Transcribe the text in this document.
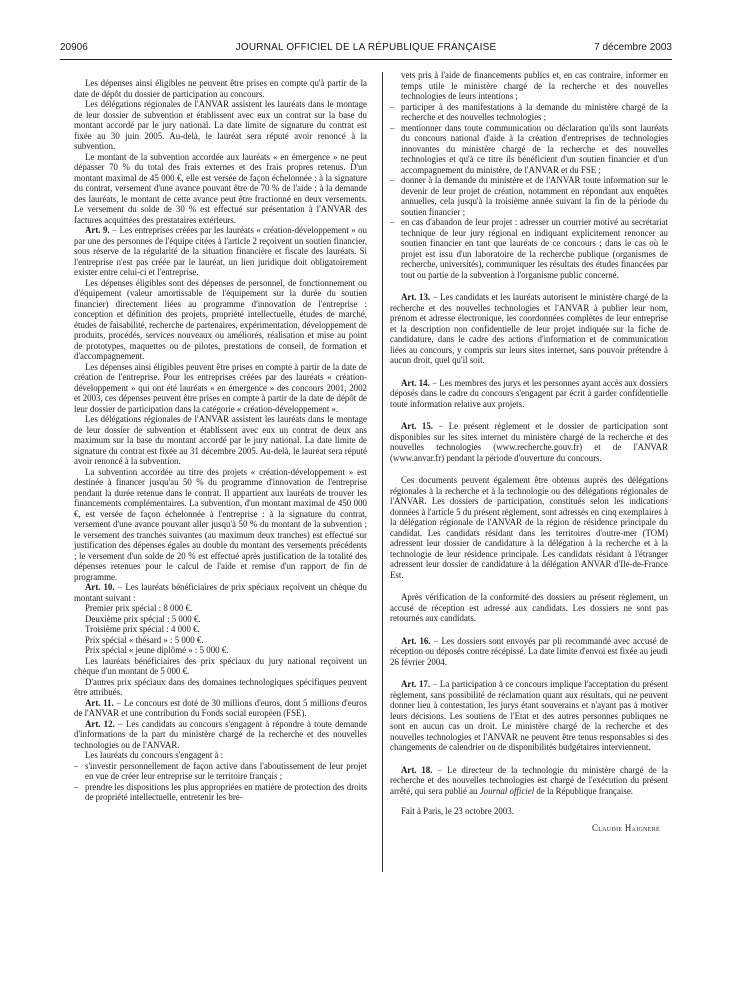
20906	JOURNAL OFFICIEL DE LA RÉPUBLIQUE FRANÇAISE	7 décembre 2003

Les dépenses ainsi éligibles ne peuvent être prises en compte qu'à partir de la date de dépôt du dossier de participation au concours.

Les délégations régionales de l'ANVAR assistent les lauréats dans le montage de leur dossier de subvention et établissent avec eux un contrat sur la base du montant accordé par le jury national. La date limite de signature du contrat est fixée au 30 juin 2005. Au-delà, le lauréat sera réputé avoir renoncé à la subvention.

Le montant de la subvention accordée aux lauréats « en émergence » ne peut dépasser 70 % du total des frais externes et des frais propres retenus. D'un montant maximal de 45 000 €, elle est versée de façon échelonnée : à la signature du contrat, versement d'une avance pouvant être de 70 % de l'aide ; à la demande des lauréats, le montant de cette avance peut être fractionné en deux versements. Le versement du solde de 30 % est effectué sur présentation à l'ANVAR des factures acquittées des prestataires extérieurs.

Art. 9. − Les entreprises créées par les lauréats « création-développement » ou par une des personnes de l'équipe citées à l'article 2 reçoivent un soutien financier, sous réserve de la régularité de la situation financière et fiscale des lauréats. Si l'entreprise n'est pas créée par le lauréat, un lien juridique doit obligatoirement exister entre celui-ci et l'entreprise.

Les dépenses éligibles sont des dépenses de personnel, de fonctionnement ou d'équipement (valeur amortissable de l'équipement sur la durée du soutien financier) directement liées au programme d'innovation de l'entreprise : conception et définition des projets, propriété intellectuelle, études de marché, études de faisabilité, recherche de partenaires, expérimentation, développement de produits, procédés, services nouveaux ou améliorés, réalisation et mise au point de prototypes, maquettes ou de pilotes, prestations de conseil, de formation et d'accompagnement.

Les dépenses ainsi éligibles peuvent être prises en compte à partir de la date de création de l'entreprise. Pour les entreprises créées par des lauréats « création-développement » qui ont été lauréats « en émergence » des concours 2001, 2002 et 2003, ces dépenses peuvent être prises en compte à partir de la date de dépôt de leur dossier de participation dans la catégorie « création-développement ».

Les délégations régionales de l'ANVAR assistent les lauréats dans le montage de leur dossier de subvention et établissent avec eux un contrat de deux ans maximum sur la base du montant accordé par le jury national. La date limite de signature du contrat est fixée au 31 décembre 2005. Au-delà, le lauréat sera réputé avoir renoncé à la subvention.

La subvention accordée au titre des projets « création-développement » est destinée à financer jusqu'au 50 % du programme d'innovation de l'entreprise pendant la durée retenue dans le contrat. Il appartient aux lauréats de trouver les financements complémentaires. La subvention, d'un montant maximal de 450 000 €, est versée de façon échelonnée à l'entreprise : à la signature du contrat, versement d'une avance pouvant aller jusqu'à 50 % du montant de la subvention ; le versement des tranches suivantes (au maximum deux tranches) est effectué sur justification des dépenses égales au double du montant des versements précédents ; le versement d'un solde de 20 % est effectué après justification de la totalité des dépenses retenues pour le calcul de l'aide et remise d'un rapport de fin de programme.

Art. 10. − Les lauréats bénéficiaires de prix spéciaux reçoivent un chèque du montant suivant :

Premier prix spécial : 8 000 €.

Deuxième prix spécial : 5 000 €.

Troisième prix spécial : 4 000 €.

Prix spécial « thésard » : 5 000 €.

Prix spécial « jeune diplômé » : 5 000 €.

Les lauréats bénéficiaires des prix spéciaux du jury national reçoivent un chèque d'un montant de 5 000 €.

D'autres prix spéciaux dans des domaines technologiques spécifiques peuvent être attribués.

Art. 11. − Le concours est doté de 30 millions d'euros, dont 5 millions d'euros de l'ANVAR et une contribution du Fonds social européen (FSE).

Art. 12. − Les candidats au concours s'engagent à répondre à toute demande d'informations de la part du ministère chargé de la recherche et des nouvelles technologies ou de l'ANVAR.

Les lauréats du concours s'engagent à :

– s'investir personnellement de façon active dans l'aboutissement de leur projet en vue de créer leur entreprise sur le territoire français ;
– prendre les dispositions les plus appropriées en matière de protection des droits de propriété intellectuelle, entretenir les bre-

vets pris à l'aide de financements publics et, en cas contraire, informer en temps utile le ministère chargé de la recherche et des nouvelles technologies de leurs intentions ;

– participer à des manifestations à la demande du ministère chargé de la recherche et des nouvelles technologies ;
– mentionner dans toute communication ou déclaration qu'ils sont lauréats du concours national d'aide à la création d'entreprises de technologies innovantes du ministère chargé de la recherche et des nouvelles technologies et qu'à ce titre ils bénéficient d'un soutien financier et d'un accompagnement du ministère, de l'ANVAR et du FSE ;
– donner à la demande du ministère et de l'ANVAR toute information sur le devenir de leur projet de création, notamment en répondant aux enquêtes annuelles, cela jusqu'à la troisième année suivant la fin de la période du soutien financier ;
– en cas d'abandon de leur projet : adresser un courrier motivé au secrétariat technique de leur jury régional en indiquant explicitement renoncer au soutien financier en tant que lauréats de ce concours ; dans le cas où le projet est issu d'un laboratoire de la recherche publique (organismes de recherche, universités), communiquer les résultats des études financées par tout ou partie de la subvention à l'organisme public concerné.

Art. 13. − Les candidats et les lauréats autorisent le ministère chargé de la recherche et des nouvelles technologies et l'ANVAR à publier leur nom, prénom et adresse électronique, les coordonnées complètes de leur entreprise et la description non confidentielle de leur projet indiquée sur la fiche de candidature, dans le cadre des actions d'information et de communication liées au concours, y compris sur leurs sites internet, sans pouvoir prétendre à aucun droit, quel qu'il soit.

Art. 14. − Les membres des jurys et les personnes ayant accès aux dossiers déposés dans le cadre du concours s'engagent par écrit à garder confidentielle toute information relative aux projets.

Art. 15. − Le présent règlement et le dossier de participation sont disponibles sur les sites internet du ministère chargé de la recherche et des nouvelles technologies (www.recherche.gouv.fr) et de l'ANVAR (www.anvar.fr) pendant la période d'ouverture du concours.

Ces documents peuvent également être obtenus auprès des délégations régionales à la recherche et à la technologie ou des délégations régionales de l'ANVAR. Les dossiers de participation, constitués selon les indications données à l'article 5 du présent règlement, sont adressés en cinq exemplaires à la délégation régionale de l'ANVAR de la région de résidence principale du candidat. Les candidats résidant dans les territoires d'outre-mer (TOM) adressent leur dossier de candidature à la délégation à la recherche et à la technologie de leur résidence principale. Les candidats résidant à l'étranger adressent leur dossier de candidature à la délégation ANVAR d'Ile-de-France Est.

Après vérification de la conformité des dossiers au présent règlement, un accusé de réception est adressé aux candidats. Les dossiers ne sont pas retournés aux candidats.

Art. 16. − Les dossiers sont envoyés par pli recommandé avec accusé de réception ou déposés contre récépissé. La date limite d'envoi est fixée au jeudi 26 février 2004.

Art. 17. − La participation à ce concours implique l'acceptation du présent règlement, sans possibilité de réclamation quant aux résultats, qui ne peuvent donner lieu à contestation, les jurys étant souverains et n'ayant pas à motiver leurs décisions. Les soutiens de l'Etat et des autres personnes publiques ne sont en aucun cas un droit. Le ministère chargé de la recherche et des nouvelles technologies et l'ANVAR ne peuvent être tenus responsables si des changements de calendrier ou de disponibilités budgétaires interviennent.

Art. 18. − Le directeur de la technologie du ministère chargé de la recherche et des nouvelles technologies est chargé de l'exécution du présent arrêté, qui sera publié au Journal officiel de la République française.

Fait à Paris, le 23 octobre 2003.

Claudie Haigneré
